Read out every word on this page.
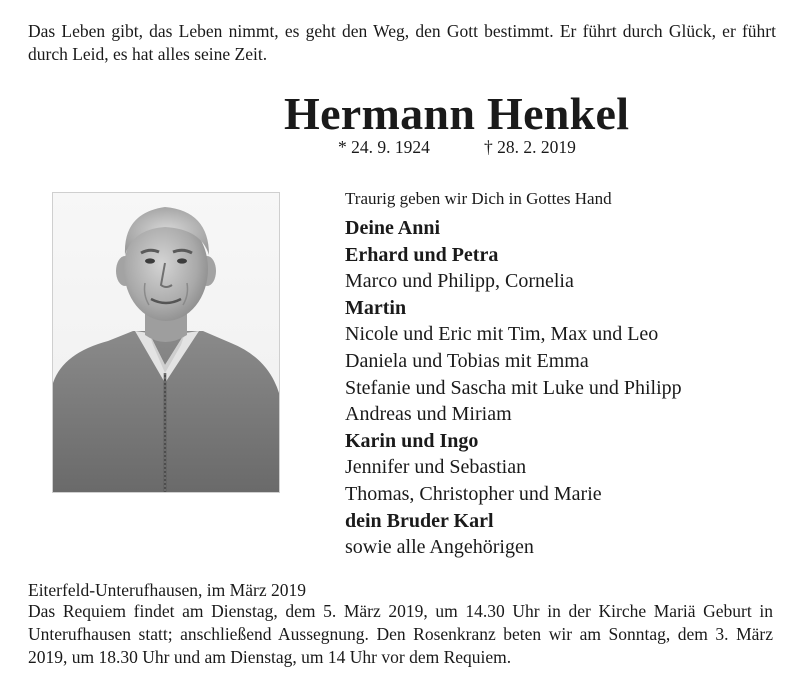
Das Leben gibt, das Leben nimmt, es geht den Weg, den Gott bestimmt. Er führt durch Glück, er führt durch Leid, es hat alles seine Zeit.

Hermann Henkel
* 24. 9. 1924	† 28. 2. 2019
Traurig geben wir Dich in Gottes Hand
Deine Anni
Erhard und Petra
Marco und Philipp, Cornelia
Martin
Nicole und Eric mit Tim, Max und Leo
Daniela und Tobias mit Emma
Stefanie und Sascha mit Luke und Philipp
Andreas und Miriam
Karin und Ingo
Jennifer und Sebastian
Thomas, Christopher und Marie
dein Bruder Karl
sowie alle Angehörigen
Eiterfeld-Unterufhausen, im März 2019

Das Requiem findet am Dienstag, dem 5. März 2019, um 14.30 Uhr in der Kirche Mariä Geburt in Unterufhausen statt; anschließend Aussegnung. Den Rosenkranz beten wir am Sonntag, dem 3. März 2019, um 18.30 Uhr und am Dienstag, um 14 Uhr vor dem Requiem.
